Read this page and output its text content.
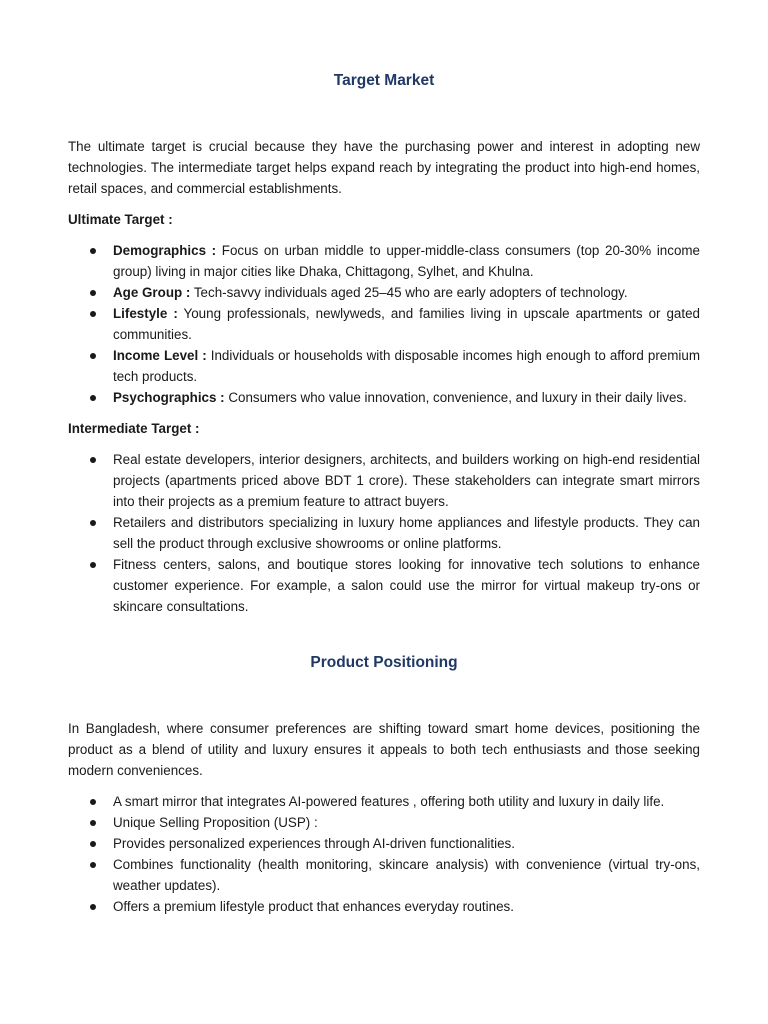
Target Market

The ultimate target is crucial because they have the purchasing power and interest in adopting new technologies. The intermediate target helps expand reach by integrating the product into high-end homes, retail spaces, and commercial establishments.

Ultimate Target :

Demographics : Focus on urban middle to upper-middle-class consumers (top 20-30% income group) living in major cities like Dhaka, Chittagong, Sylhet, and Khulna.
Age Group : Tech-savvy individuals aged 25–45 who are early adopters of technology.
Lifestyle : Young professionals, newlyweds, and families living in upscale apartments or gated communities.
Income Level : Individuals or households with disposable incomes high enough to afford premium tech products.
Psychographics : Consumers who value innovation, convenience, and luxury in their daily lives.

Intermediate Target :

Real estate developers, interior designers, architects, and builders working on high-end residential projects (apartments priced above BDT 1 crore). These stakeholders can integrate smart mirrors into their projects as a premium feature to attract buyers.
Retailers and distributors specializing in luxury home appliances and lifestyle products. They can sell the product through exclusive showrooms or online platforms.
Fitness centers, salons, and boutique stores looking for innovative tech solutions to enhance customer experience. For example, a salon could use the mirror for virtual makeup try-ons or skincare consultations.
Product Positioning

In Bangladesh, where consumer preferences are shifting toward smart home devices, positioning the product as a blend of utility and luxury ensures it appeals to both tech enthusiasts and those seeking modern conveniences.

A smart mirror that integrates AI-powered features , offering both utility and luxury in daily life.
Unique Selling Proposition (USP) :
Provides personalized experiences through AI-driven functionalities.
Combines functionality (health monitoring, skincare analysis) with convenience (virtual try-ons, weather updates).
Offers a premium lifestyle product that enhances everyday routines.
